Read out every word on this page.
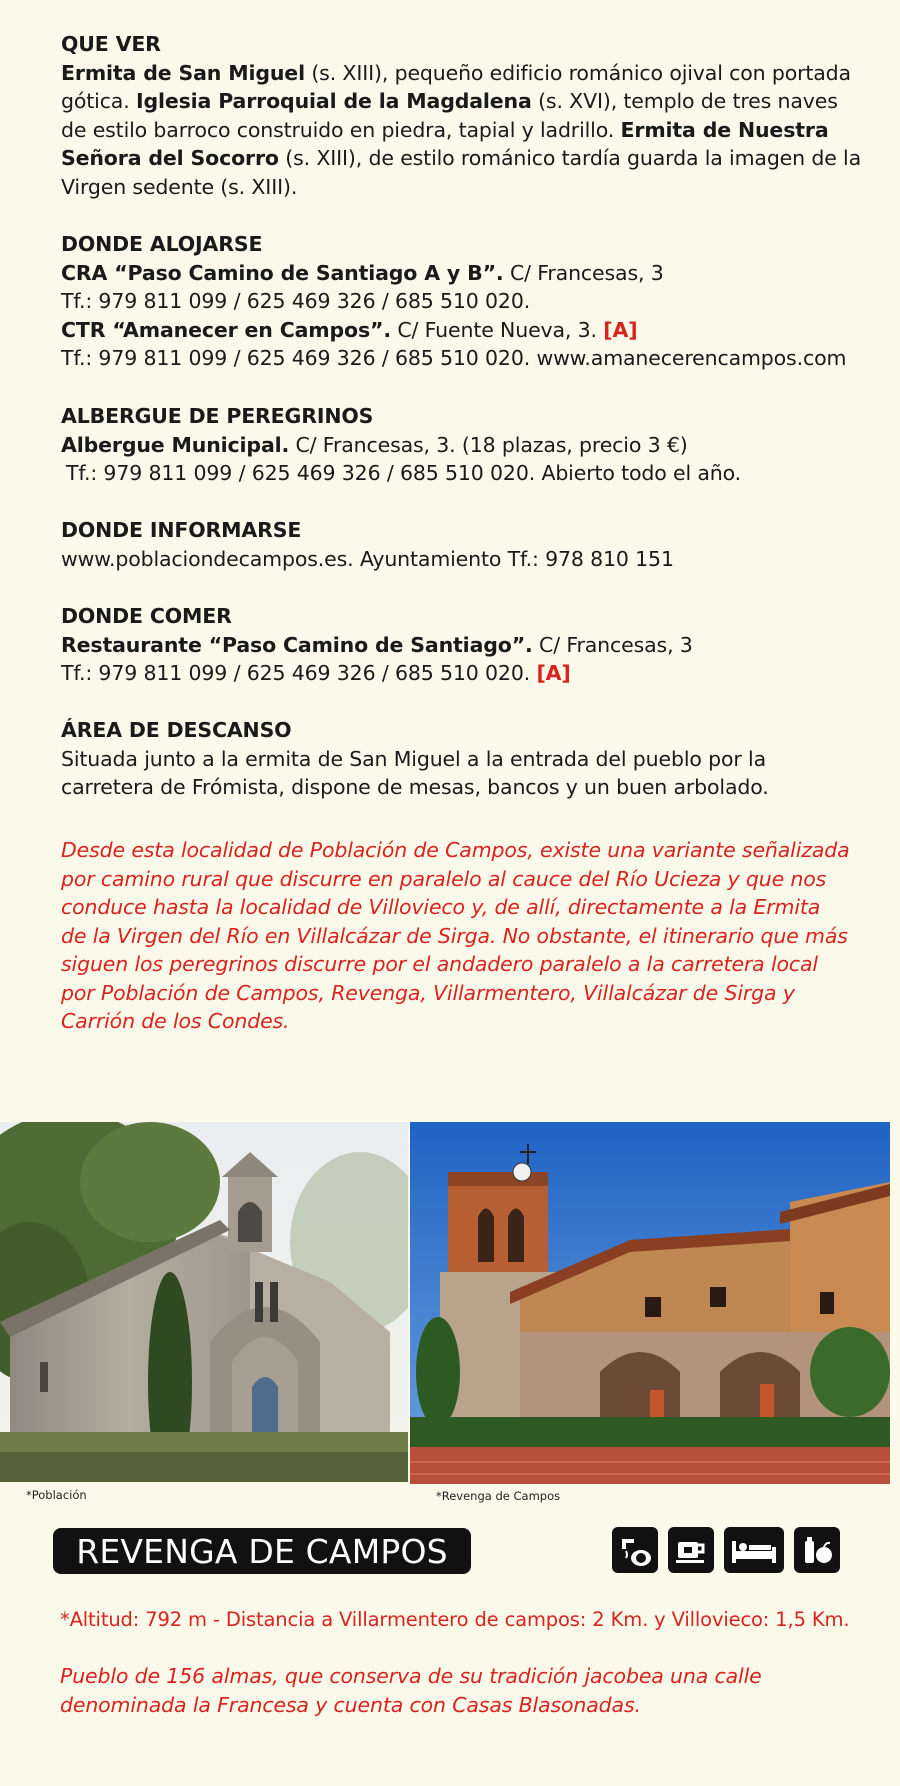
QUE VER
Ermita de San Miguel (s. XIII), pequeño edificio románico ojival con portada gótica. Iglesia Parroquial de la Magdalena (s. XVI), templo de tres naves de estilo barroco construido en piedra, tapial y ladrillo. Ermita de Nuestra Señora del Socorro (s. XIII), de estilo románico tardía guarda la imagen de la Virgen sedente (s. XIII).
DONDE ALOJARSE
CRA “Paso Camino de Santiago A y B”. C/ Francesas, 3
Tf.: 979 811 099 / 625 469 326 / 685 510 020.
CTR “Amanecer en Campos”. C/ Fuente Nueva, 3. [A]
Tf.: 979 811 099 / 625 469 326 / 685 510 020. www.amanecerencampos.com
ALBERGUE DE PEREGRINOS
Albergue Municipal. C/ Francesas, 3. (18 plazas, precio 3 €)
Tf.: 979 811 099 / 625 469 326 / 685 510 020. Abierto todo el año.
DONDE INFORMARSE
www.poblaciondecampos.es. Ayuntamiento Tf.: 978 810 151
DONDE COMER
Restaurante “Paso Camino de Santiago”. C/ Francesas, 3
Tf.: 979 811 099 / 625 469 326 / 685 510 020. [A]
ÁREA DE DESCANSO
Situada junto a la ermita de San Miguel a la entrada del pueblo por la carretera de Frómista, dispone de mesas, bancos y un buen arbolado.
Desde esta localidad de Población de Campos, existe una variante señalizada por camino rural que discurre en paralelo al cauce del Río Ucieza y que nos conduce hasta la localidad de Villovieco y, de allí, directamente a la Ermita de la Virgen del Río en Villalcázar de Sirga. No obstante, el itinerario que más siguen los peregrinos discurre por el andadero paralelo a la carretera local por Población de Campos, Revenga, Villarmentero, Villalcázar de Sirga y Carrión de los Condes.
*Población	*Revenga de Campos
REVENGA DE CAMPOS
*Altitud: 792 m - Distancia a Villarmentero de campos: 2 Km. y Villovieco: 1,5 Km.
Pueblo de 156 almas, que conserva de su tradición jacobea una calle denominada la Francesa y cuenta con Casas Blasonadas.
